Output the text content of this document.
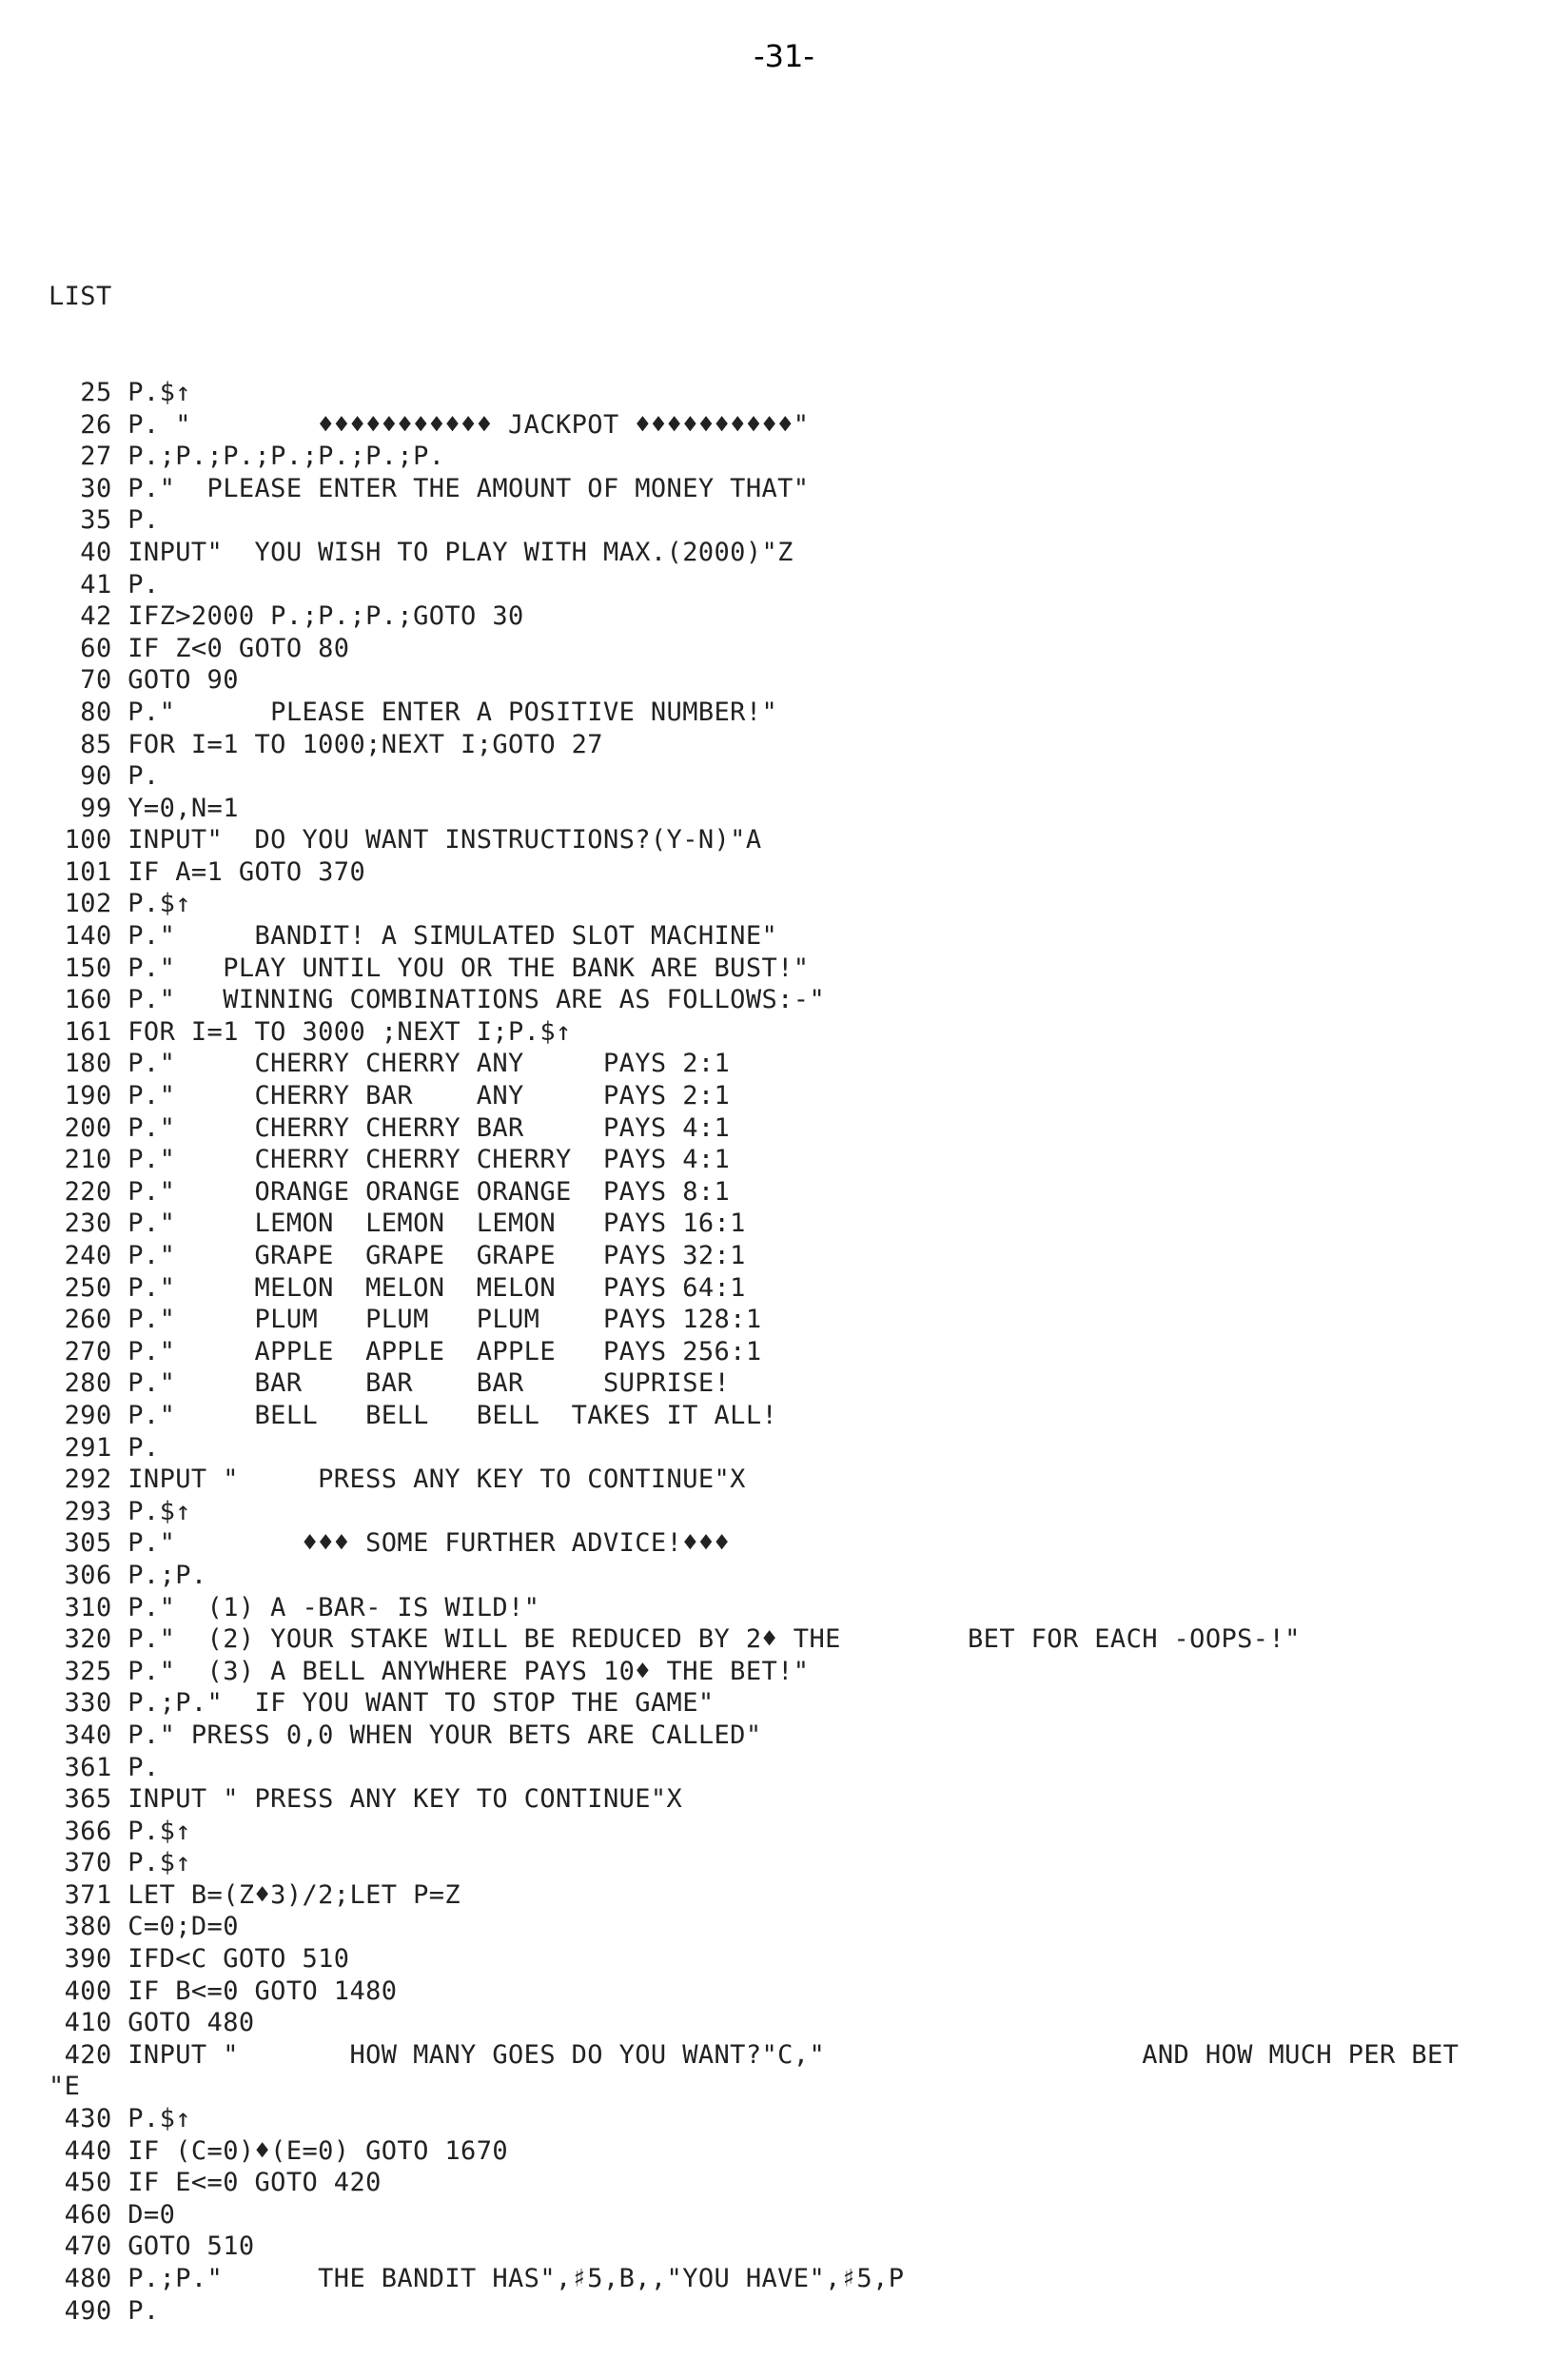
-31-

LIST

25 P.$↑
26 P. "        ♦♦♦♦♦♦♦♦♦♦♦ JACKPOT ♦♦♦♦♦♦♦♦♦♦"
27 P.;P.;P.;P.;P.;P.;P.
30 P."  PLEASE ENTER THE AMOUNT OF MONEY THAT"
35 P.
40 INPUT"  YOU WISH TO PLAY WITH MAX.(2000)"Z
41 P.
42 IFZ>2000 P.;P.;P.;GOTO 30
60 IF Z<0 GOTO 80
70 GOTO 90
80 P."      PLEASE ENTER A POSITIVE NUMBER!"
85 FOR I=1 TO 1000;NEXT I;GOTO 27
90 P.
99 Y=0,N=1
100 INPUT"  DO YOU WANT INSTRUCTIONS?(Y-N)"A
101 IF A=1 GOTO 370
102 P.$↑
140 P."     BANDIT! A SIMULATED SLOT MACHINE"
150 P."   PLAY UNTIL YOU OR THE BANK ARE BUST!"
160 P."   WINNING COMBINATIONS ARE AS FOLLOWS:-"
161 FOR I=1 TO 3000 ;NEXT I;P.$↑
180 P."     CHERRY CHERRY ANY     PAYS 2:1
190 P."     CHERRY BAR    ANY     PAYS 2:1
200 P."     CHERRY CHERRY BAR     PAYS 4:1
210 P."     CHERRY CHERRY CHERRY  PAYS 4:1
220 P."     ORANGE ORANGE ORANGE  PAYS 8:1
230 P."     LEMON  LEMON  LEMON   PAYS 16:1
240 P."     GRAPE  GRAPE  GRAPE   PAYS 32:1
250 P."     MELON  MELON  MELON   PAYS 64:1
260 P."     PLUM   PLUM   PLUM    PAYS 128:1
270 P."     APPLE  APPLE  APPLE   PAYS 256:1
280 P."     BAR    BAR    BAR     SUPRISE!
290 P."     BELL   BELL   BELL  TAKES IT ALL!
291 P.
292 INPUT "     PRESS ANY KEY TO CONTINUE"X
293 P.$↑
305 P."        ♦♦♦ SOME FURTHER ADVICE!♦♦♦
306 P.;P.
310 P."  (1) A -BAR- IS WILD!"
320 P."  (2) YOUR STAKE WILL BE REDUCED BY 2♦ THE        BET FOR EACH -OOPS-!"
325 P."  (3) A BELL ANYWHERE PAYS 10♦ THE BET!"
330 P.;P."  IF YOU WANT TO STOP THE GAME"
340 P." PRESS 0,0 WHEN YOUR BETS ARE CALLED"
361 P.
365 INPUT " PRESS ANY KEY TO CONTINUE"X
366 P.$↑
370 P.$↑
371 LET B=(Z♦3)/2;LET P=Z
380 C=0;D=0
390 IFD<C GOTO 510
400 IF B<=0 GOTO 1480
410 GOTO 480
420 INPUT "       HOW MANY GOES DO YOU WANT?"C,"                    AND HOW MUCH PER BET
"E
430 P.$↑
440 IF (C=0)♦(E=0) GOTO 1670
450 IF E<=0 GOTO 420
460 D=0
470 GOTO 510
480 P.;P."      THE BANDIT HAS",♯5,B,,"YOU HAVE",♯5,P
490 P.
